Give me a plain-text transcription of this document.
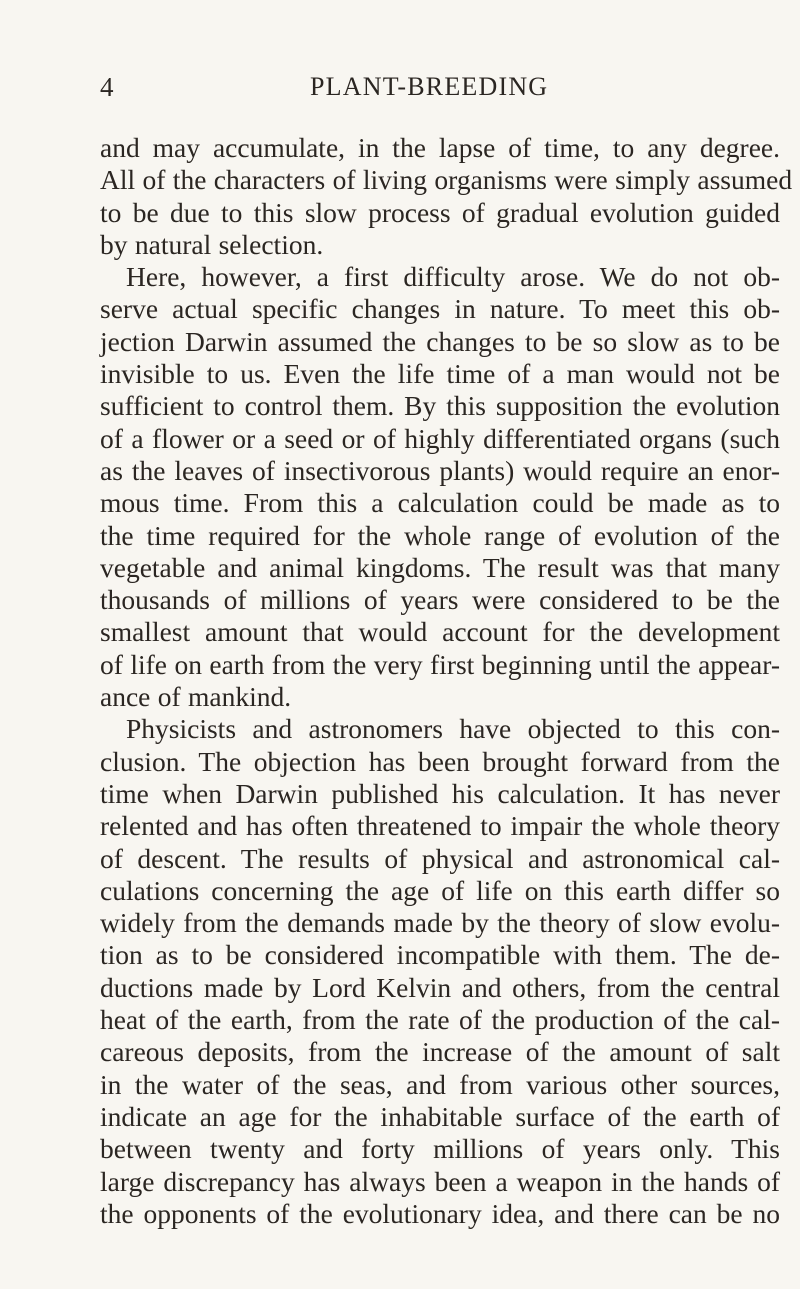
4	PLANT-BREEDING
and may accumulate, in the lapse of time, to any degree.
All of the characters of living organisms were simply assumed
to be due to this slow process of gradual evolution guided
by natural selection.
Here, however, a first difficulty arose. We do not ob-
serve actual specific changes in nature. To meet this ob-
jection Darwin assumed the changes to be so slow as to be
invisible to us. Even the life time of a man would not be
sufficient to control them. By this supposition the evolution
of a flower or a seed or of highly differentiated organs (such
as the leaves of insectivorous plants) would require an enor-
mous time. From this a calculation could be made as to
the time required for the whole range of evolution of the
vegetable and animal kingdoms. The result was that many
thousands of millions of years were considered to be the
smallest amount that would account for the development
of life on earth from the very first beginning until the appear-
ance of mankind.
Physicists and astronomers have objected to this con-
clusion. The objection has been brought forward from the
time when Darwin published his calculation. It has never
relented and has often threatened to impair the whole theory
of descent. The results of physical and astronomical cal-
culations concerning the age of life on this earth differ so
widely from the demands made by the theory of slow evolu-
tion as to be considered incompatible with them. The de-
ductions made by Lord Kelvin and others, from the central
heat of the earth, from the rate of the production of the cal-
careous deposits, from the increase of the amount of salt
in the water of the seas, and from various other sources,
indicate an age for the inhabitable surface of the earth of
between twenty and forty millions of years only. This
large discrepancy has always been a weapon in the hands of
the opponents of the evolutionary idea, and there can be no
